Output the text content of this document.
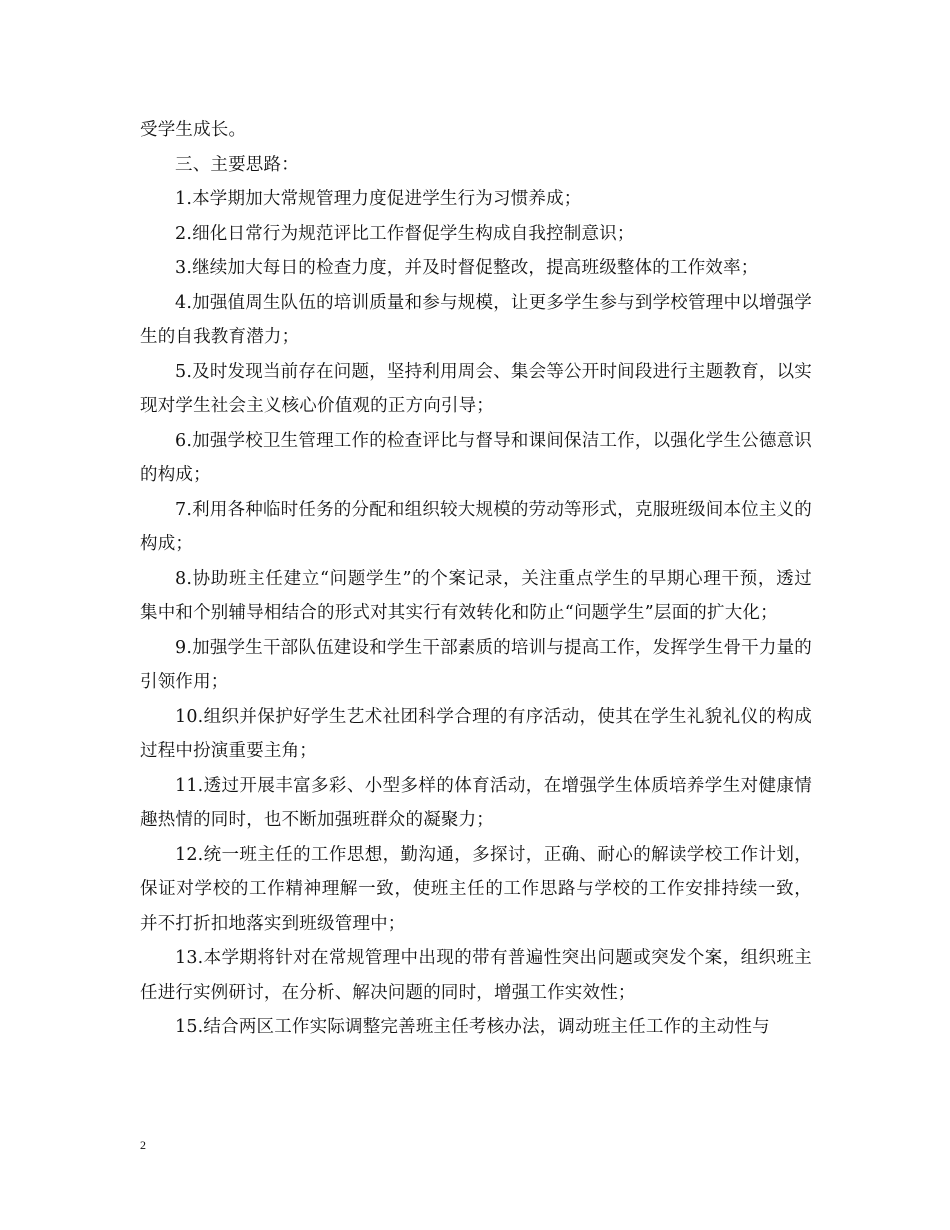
受学生成长。

三、主要思路：

1.本学期加大常规管理力度促进学生行为习惯养成；

2.细化日常行为规范评比工作督促学生构成自我控制意识；

3.继续加大每日的检查力度，并及时督促整改，提高班级整体的工作效率；

4.加强值周生队伍的培训质量和参与规模，让更多学生参与到学校管理中以增强学生的自我教育潜力；

5.及时发现当前存在问题，坚持利用周会、集会等公开时间段进行主题教育，以实现对学生社会主义核心价值观的正方向引导；

6.加强学校卫生管理工作的检查评比与督导和课间保洁工作，以强化学生公德意识的构成；

7.利用各种临时任务的分配和组织较大规模的劳动等形式，克服班级间本位主义的构成；

8.协助班主任建立“问题学生”的个案记录，关注重点学生的早期心理干预，透过集中和个别辅导相结合的形式对其实行有效转化和防止“问题学生”层面的扩大化；

9.加强学生干部队伍建设和学生干部素质的培训与提高工作，发挥学生骨干力量的引领作用；

10.组织并保护好学生艺术社团科学合理的有序活动，使其在学生礼貌礼仪的构成过程中扮演重要主角；

11.透过开展丰富多彩、小型多样的体育活动，在增强学生体质培养学生对健康情趣热情的同时，也不断加强班群众的凝聚力；

12.统一班主任的工作思想，勤沟通，多探讨，正确、耐心的解读学校工作计划，保证对学校的工作精神理解一致，使班主任的工作思路与学校的工作安排持续一致，并不打折扣地落实到班级管理中；

13.本学期将针对在常规管理中出现的带有普遍性突出问题或突发个案，组织班主任进行实例研讨，在分析、解决问题的同时，增强工作实效性；

15.结合两区工作实际调整完善班主任考核办法，调动班主任工作的主动性与

2
